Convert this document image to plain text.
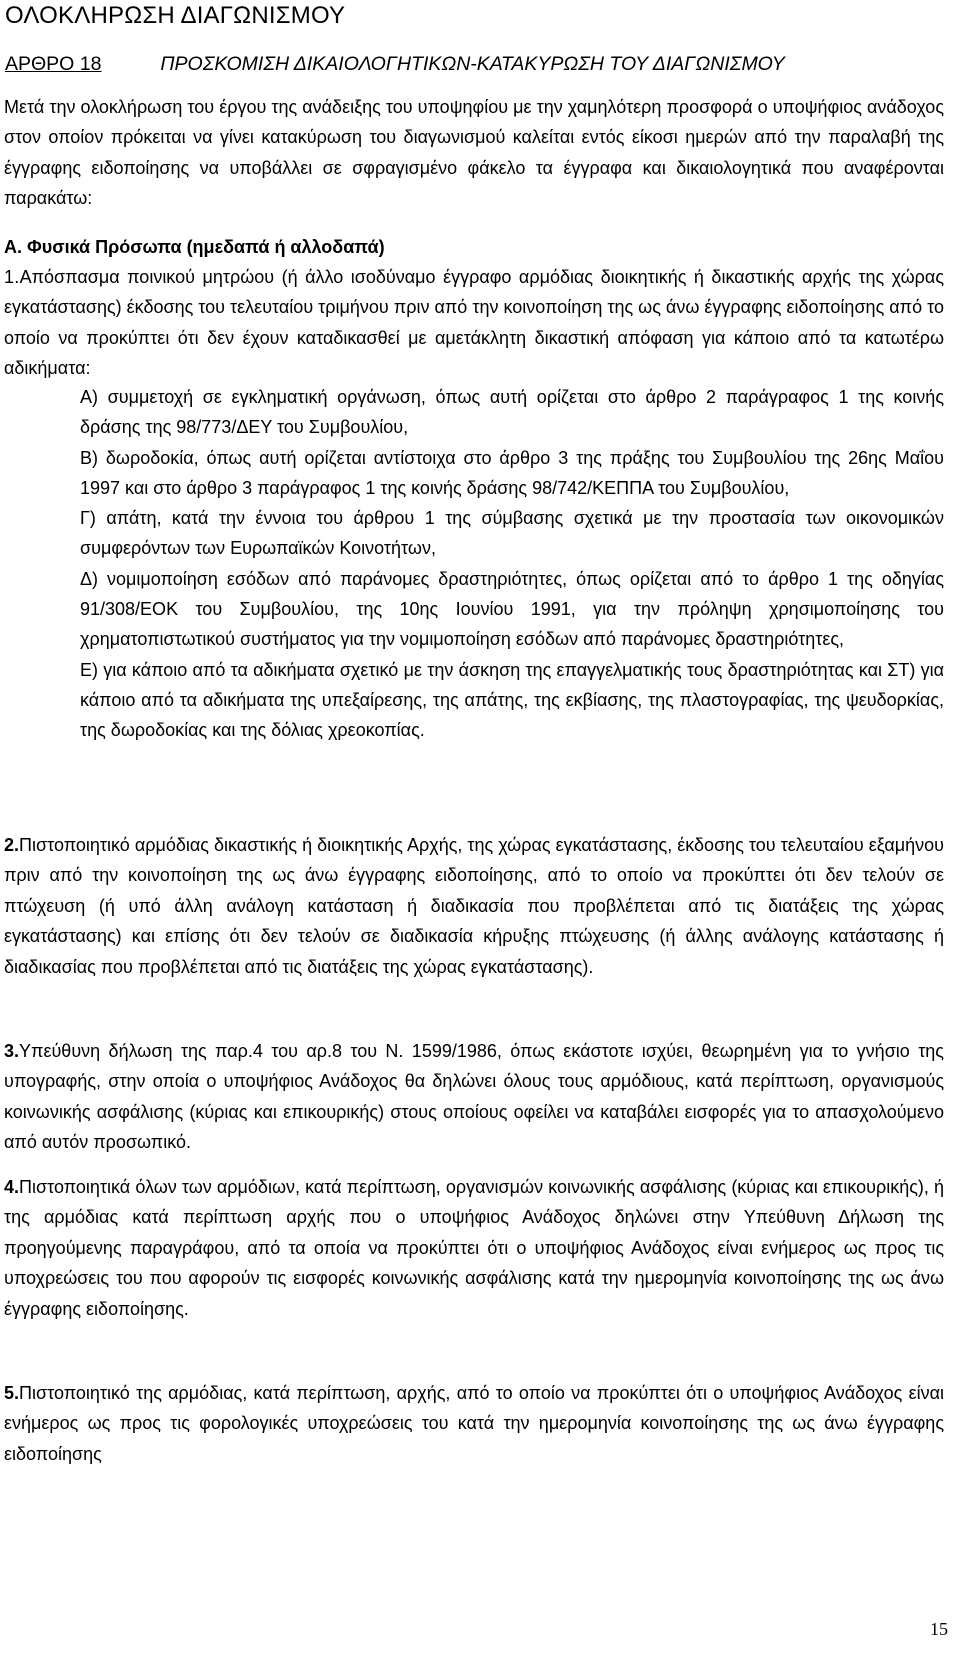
ΟΛΟΚΛΗΡΩΣΗ ΔΙΑΓΩΝΙΣΜΟΥ
ΑΡΘΡΟ 18	ΠΡΟΣΚΟΜΙΣΗ ΔΙΚΑΙΟΛΟΓΗΤΙΚΩΝ-ΚΑΤΑΚΥΡΩΣΗ ΤΟΥ ΔΙΑΓΩΝΙΣΜΟΥ

Μετά την ολοκλήρωση του έργου της ανάδειξης του υποψηφίου με την χαμηλότερη προσφορά ο υποψήφιος ανάδοχος στον οποίον πρόκειται να γίνει κατακύρωση του διαγωνισμού καλείται εντός είκοσι ημερών από την παραλαβή της έγγραφης ειδοποίησης να υποβάλλει σε σφραγισμένο φάκελο τα έγγραφα και δικαιολογητικά που αναφέρονται παρακάτω:

Α. Φυσικά Πρόσωπα (ημεδαπά ή αλλοδαπά)

1.Απόσπασμα ποινικού μητρώου (ή άλλο ισοδύναμο έγγραφο αρμόδιας διοικητικής ή δικαστικής αρχής της χώρας εγκατάστασης) έκδοσης του τελευταίου τριμήνου πριν από την κοινοποίηση της ως άνω έγγραφης ειδοποίησης από το οποίο να προκύπτει ότι δεν έχουν καταδικασθεί με αμετάκλητη δικαστική απόφαση για κάποιο από τα κατωτέρω αδικήματα:

Α) συμμετοχή σε εγκληματική οργάνωση, όπως αυτή ορίζεται στο άρθρο 2 παράγραφος 1 της κοινής δράσης της 98/773/ΔΕΥ του Συμβουλίου,

Β) δωροδοκία, όπως αυτή ορίζεται αντίστοιχα στο άρθρο 3 της πράξης του Συμβουλίου της 26ης Μαΐου 1997 και στο άρθρο 3 παράγραφος 1 της κοινής δράσης 98/742/ΚΕΠΠΑ του Συμβουλίου,

Γ) απάτη, κατά την έννοια του άρθρου 1 της σύμβασης σχετικά με την προστασία των οικονομικών συμφερόντων των Ευρωπαϊκών Κοινοτήτων,

Δ) νομιμοποίηση εσόδων από παράνομες δραστηριότητες, όπως ορίζεται από το άρθρο 1 της οδηγίας 91/308/ΕΟΚ του Συμβουλίου, της 10ης Ιουνίου 1991, για την πρόληψη χρησιμοποίησης του χρηματοπιστωτικού συστήματος για την νομιμοποίηση εσόδων από παράνομες δραστηριότητες,

Ε) για κάποιο από τα αδικήματα σχετικό με την άσκηση της επαγγελματικής τους δραστηριότητας και ΣΤ) για κάποιο από τα αδικήματα της υπεξαίρεσης, της απάτης, της εκβίασης, της πλαστογραφίας, της ψευδορκίας, της δωροδοκίας και της δόλιας χρεοκοπίας.

2.Πιστοποιητικό αρμόδιας δικαστικής ή διοικητικής Αρχής, της χώρας εγκατάστασης, έκδοσης του τελευταίου εξαμήνου πριν από την κοινοποίηση της ως άνω έγγραφης ειδοποίησης, από το οποίο να προκύπτει ότι δεν τελούν σε πτώχευση (ή υπό άλλη ανάλογη κατάσταση ή διαδικασία που προβλέπεται από τις διατάξεις της χώρας εγκατάστασης) και επίσης ότι δεν τελούν σε διαδικασία κήρυξης πτώχευσης (ή άλλης ανάλογης κατάστασης ή διαδικασίας που προβλέπεται από τις διατάξεις της χώρας εγκατάστασης).

3.Υπεύθυνη δήλωση της παρ.4 του αρ.8 του Ν. 1599/1986, όπως εκάστοτε ισχύει, θεωρημένη για το γνήσιο της υπογραφής, στην οποία ο υποψήφιος Ανάδοχος θα δηλώνει όλους τους αρμόδιους, κατά περίπτωση, οργανισμούς κοινωνικής ασφάλισης (κύριας και επικουρικής) στους οποίους οφείλει να καταβάλει εισφορές για το απασχολούμενο από αυτόν προσωπικό.

4.Πιστοποιητικά όλων των αρμόδιων, κατά περίπτωση, οργανισμών κοινωνικής ασφάλισης (κύριας και επικουρικής), ή της αρμόδιας κατά περίπτωση αρχής που ο υποψήφιος Ανάδοχος δηλώνει στην Υπεύθυνη Δήλωση της προηγούμενης παραγράφου, από τα οποία να προκύπτει ότι ο υποψήφιος Ανάδοχος είναι ενήμερος ως προς τις υποχρεώσεις του που αφορούν τις εισφορές κοινωνικής ασφάλισης κατά την ημερομηνία κοινοποίησης της ως άνω έγγραφης ειδοποίησης.

5.Πιστοποιητικό της αρμόδιας, κατά περίπτωση, αρχής, από το οποίο να προκύπτει ότι ο υποψήφιος Ανάδοχος είναι ενήμερος ως προς τις φορολογικές υποχρεώσεις του κατά την ημερομηνία κοινοποίησης της ως άνω έγγραφης ειδοποίησης

15
